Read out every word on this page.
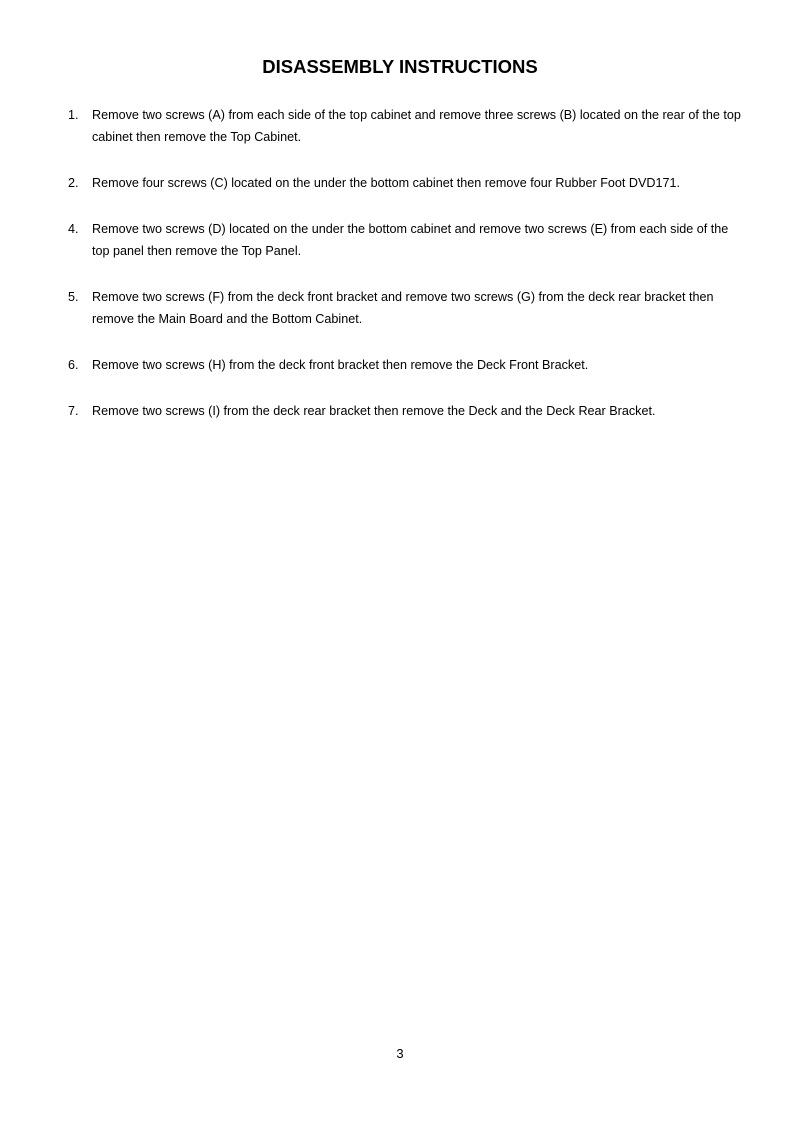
DISASSEMBLY INSTRUCTIONS
1. Remove two screws (A) from each side of the top cabinet and remove three screws (B) located on the rear of the top cabinet then remove the Top Cabinet.
2. Remove four screws (C) located on the under the bottom cabinet then remove four Rubber Foot DVD171.
4. Remove two screws (D) located on the under the bottom cabinet and remove two screws (E) from each side of the top panel then remove the Top Panel.
5. Remove two screws (F) from the deck front bracket and remove two screws (G) from the deck rear bracket then remove the Main Board and the Bottom Cabinet.
6. Remove two screws (H) from the deck front bracket then remove the Deck Front Bracket.
7. Remove two screws (I) from the deck rear bracket then remove the Deck and the Deck Rear Bracket.
3
